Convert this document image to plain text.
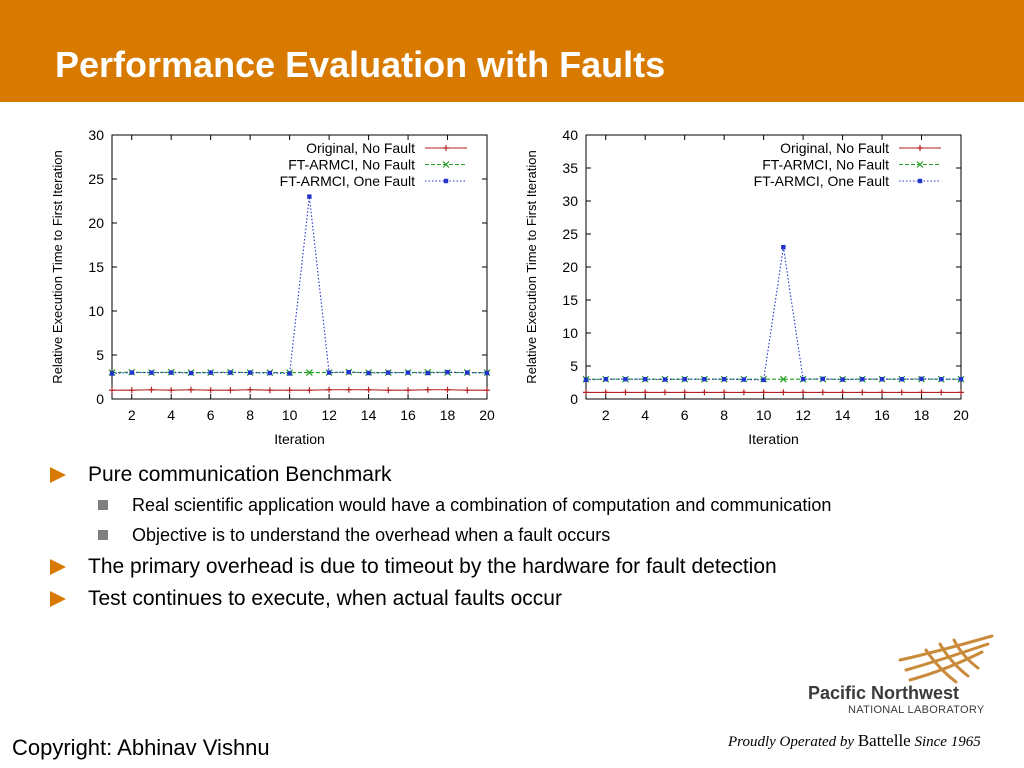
Performance Evaluation with Faults
0
5
10
15
20
25
30
2 4 6 8 10 12 14 16 18 20
Iteration
Relative Execution Time to First Iteration
Original, No Fault
FT-ARMCI, No Fault
FT-ARMCI, One Fault
0
5
10
15
20
25
30
35
40
2 4 6 8 10 12 14 16 18 20
Iteration
Relative Execution Time to First Iteration
Original, No Fault
FT-ARMCI, No Fault
FT-ARMCI, One Fault
Pure communication Benchmark
Real scientific application would have a combination of computation and communication
Objective is to understand the overhead when a fault occurs
The primary overhead is due to timeout by the hardware for fault detection
Test continues to execute, when actual faults occur
Copyright: Abhinav Vishnu
Pacific Northwest
NATIONAL LABORATORY
Proudly Operated by Battelle Since 1965
